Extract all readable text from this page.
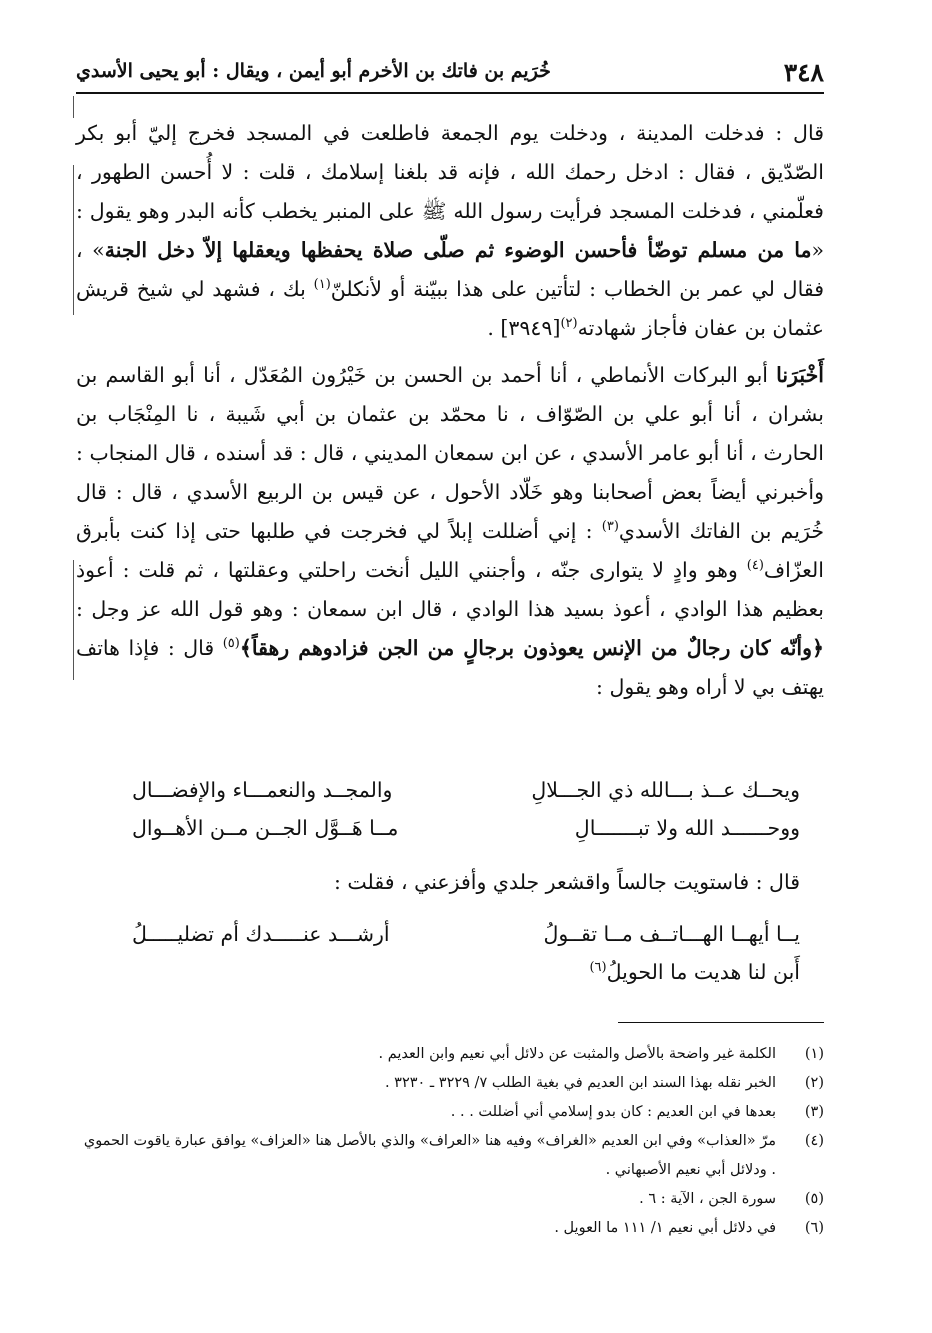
٣٤٨
خُرَيم بن فاتك بن الأخرم أبو أيمن ، ويقال : أبو يحيى الأسدي

قال : فدخلت المدينة ، ودخلت يوم الجمعة فاطلعت في المسجد فخرج إليّ أبو بكر الصّدّيق ، فقال : ادخل رحمك الله ، فإنه قد بلغنا إسلامك ، قلت : لا أُحسن الطهور ، فعلّمني ، فدخلت المسجد فرأيت رسول الله ﷺ على المنبر يخطب كأنه البدر وهو يقول : «ما من مسلم توضّأ فأحسن الوضوء ثم صلّى صلاة يحفظها ويعقلها إلاّ دخل الجنة» ، فقال لي عمر بن الخطاب : لتأتين على هذا ببيّنة أو لأنكلنّ$^{(١)}$ بك ، فشهد لي شيخ قريش عثمان بن عفان فأجاز شهادته$^{(٢)}$[٣٩٤٩] .

أَخْبَرَنا أبو البركات الأنماطي ، أنا أحمد بن الحسن بن خَيْرُون المُعَدّل ، أنا أبو القاسم بن بشران ، أنا أبو علي بن الصّوّاف ، نا محمّد بن عثمان بن أبي شَيبة ، نا المِنْجَاب بن الحارث ، أنا أبو عامر الأسدي ، عن ابن سمعان المديني ، قال : قد أسنده ، قال المنجاب : وأخبرني أيضاً بعض أصحابنا وهو خَلّاد الأحول ، عن قيس بن الربيع الأسدي ، قال : قال خُرَيم بن الفاتك الأسدي$^{(٣)}$ : إني أضللت إبلاً لي فخرجت في طلبها حتى إذا كنت بأبرق العزّاف$^{(٤)}$ وهو وادٍ لا يتوارى جنّه ، وأجنني الليل أنخت راحلتي وعقلتها ، ثم قلت : أعوذ بعظيم هذا الوادي ، أعوذ بسيد هذا الوادي ، قال ابن سمعان : وهو قول الله عز وجل : ﴿وأنّه كان رجالٌ من الإنس يعوذون برجالٍ من الجن فزادوهم رهقاً﴾$^{(٥)}$ قال : فإذا هاتف يهتف بي لا أراه وهو يقول :

ويحــك عــذ بـــالله ذي الجـــلالِ
والمجــد والنعمـــاء والإفضـــال
ووحــــــد الله ولا تبـــــــالِ
مــا هَــوَّل الجــن مــن الأهــوال
قال : فاستويت جالساً واقشعر جلدي وأفزعني ، فقلت :
يــا أيهــا الهـــاتــف مــا تقــولُ
أرشـــد عنـــــدك أم تضليـــــلُ
أَبن لنا هديت ما الحويلُ$^{(٦)}$
(١)
الكلمة غير واضحة بالأصل والمثبت عن دلائل أبي نعيم وابن العديم .
(٢)
الخبر نقله بهذا السند ابن العديم في بغية الطلب ٧/ ٣٢٢٩ ـ ٣٢٣٠ .
(٣)
بعدها في ابن العديم : كان بدو إسلامي أني أضللت . . .
(٤)
مرّ «العذاب» وفي ابن العديم «الغراف» وفيه هنا «العراف» والذي بالأصل هنا «العزاف» يوافق عبارة ياقوت الحموي . ودلائل أبي نعيم الأصبهاني .
(٥)
سورة الجن ، الآية : ٦ .
(٦)
في دلائل أبي نعيم ١/ ١١١ ما العويل .
